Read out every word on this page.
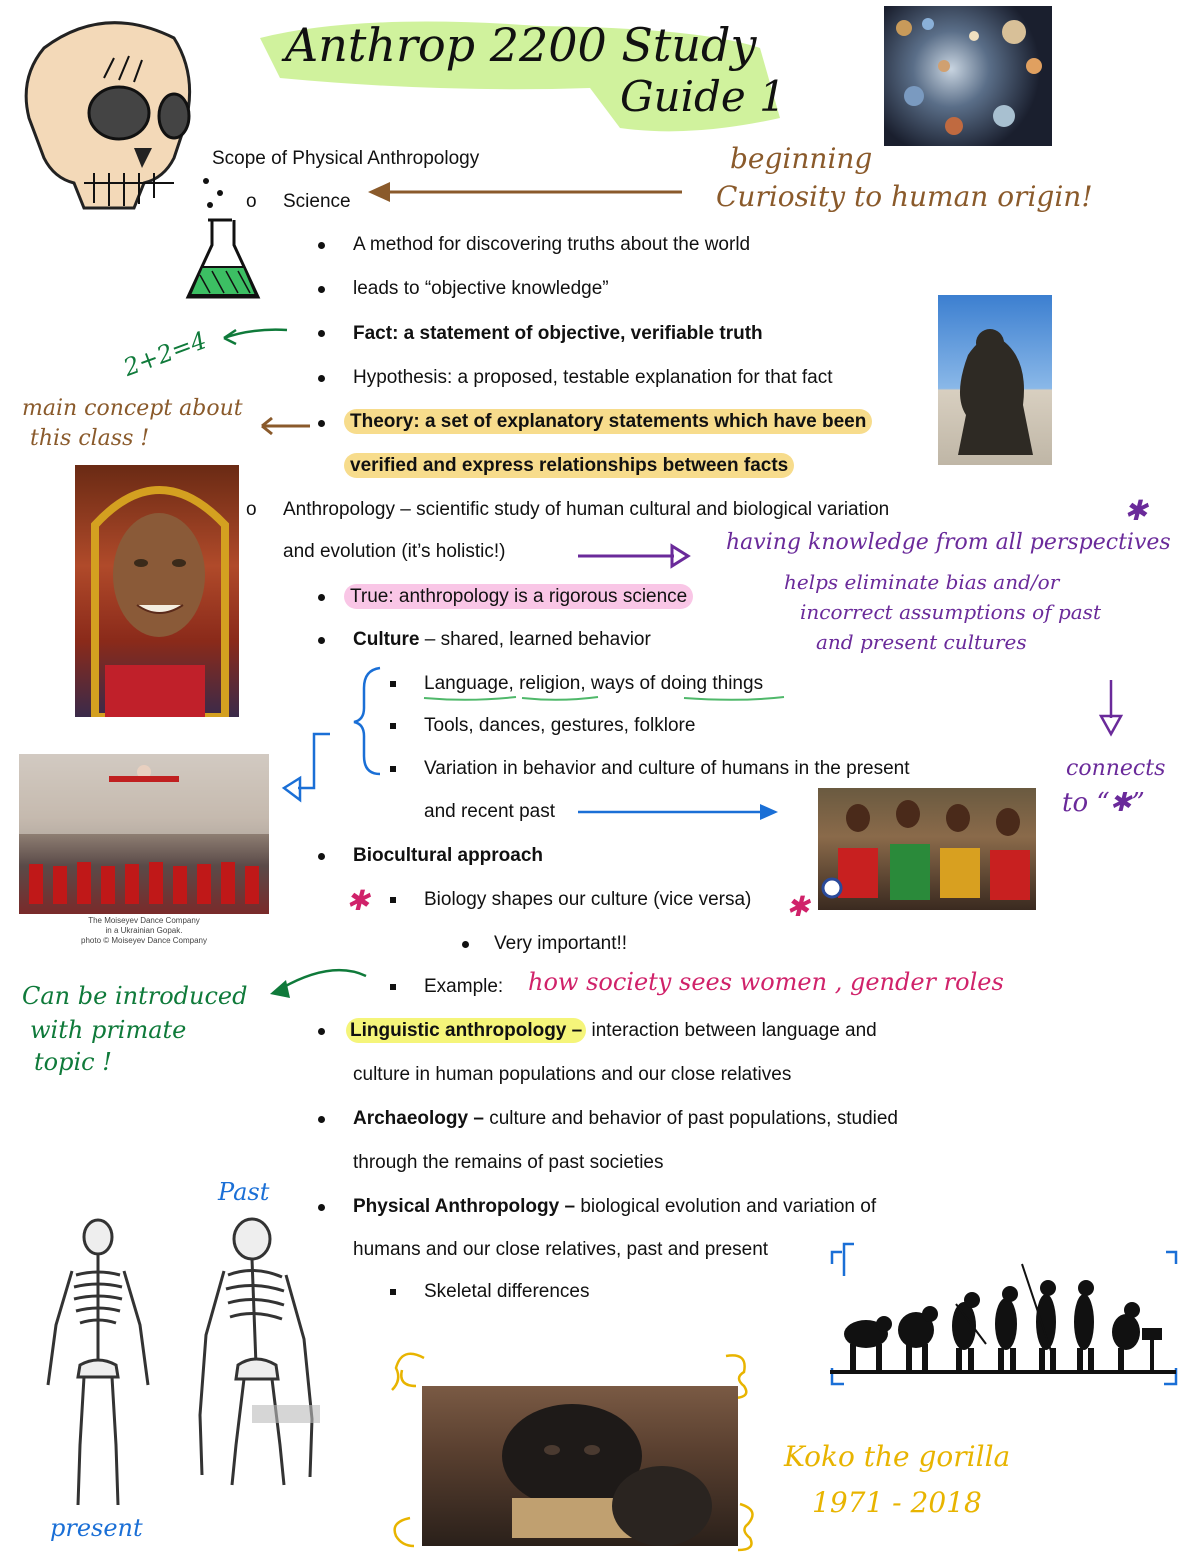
Anthrop 2200 Study
Guide 1
Scope of Physical Anthropology
o Science
A method for discovering truths about the world
leads to “objective knowledge”
Fact: a statement of objective, verifiable truth
Hypothesis: a proposed, testable explanation for that fact
Theory: a set of explanatory statements which have been
verified and express relationships between facts
beginning
Curiosity to human origin!
2+2=4
main concept about
this class !
o Anthropology – scientific study of human cultural and biological variation
and evolution (it’s holistic!)
✱
having knowledge from all perspectives
helps eliminate bias and/or
incorrect assumptions of past
and present cultures
True: anthropology is a rigorous science
Culture – shared, learned behavior
Language, religion, ways of doing things
Tools, dances, gestures, folklore
Variation in behavior and culture of humans in the present
and recent past
The Moiseyev Dance Company
in a Ukrainian Gopak.
photo © Moiseyev Dance Company
connects
to “✱”
Biocultural approach
✱	Biology shapes our culture (vice versa) ✱
Very important!!
Example: how society sees women , gender roles
Can be introduced
with primate
topic !
Linguistic anthropology – interaction between language and
culture in human populations and our close relatives
Archaeology – culture and behavior of past populations, studied
through the remains of past societies
Physical Anthropology – biological evolution and variation of
humans and our close relatives, past and present
Skeletal differences
Past
present
Koko the gorilla
1971 - 2018
